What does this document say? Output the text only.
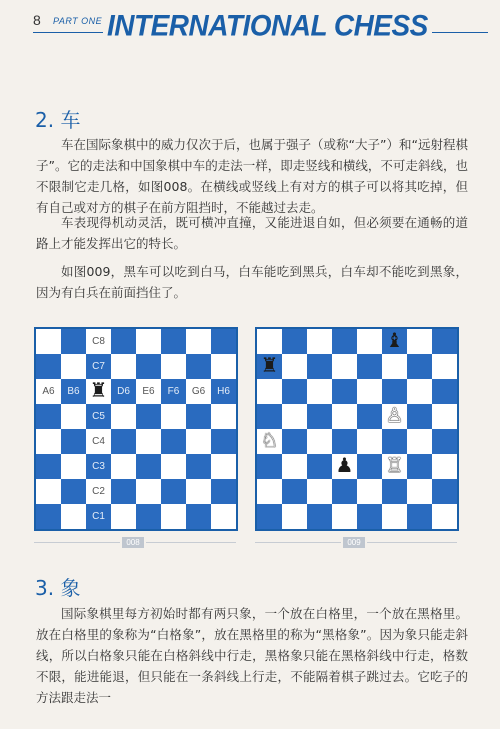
8 PART ONE INTERNATIONAL CHESS
2. 车

车在国际象棋中的威力仅次于后，也属于强子（或称“大子”）和“远射程棋子”。它的走法和中国象棋中车的走法一样，即走竖线和横线，不可走斜线，也不限制它走几格，如图008。在横线或竖线上有对方的棋子可以将其吃掉，但有自己或对方的棋子在前方阻挡时，不能越过去走。

车表现得机动灵活，既可横冲直撞，又能进退自如，但必须要在通畅的道路上才能发挥出它的特长。

如图009，黑车可以吃到白马，白车能吃到黑兵，白车却不能吃到黑象，因为有白兵在前面挡住了。

C8
C7
A6 B6 ♜ D6 E6 F6 G6 H6
C5
C4
C3
C2
C1
♝
♜
♙
♘
♟ ♖
008	009
3. 象

国际象棋里每方初始时都有两只象，一个放在白格里，一个放在黑格里。放在白格里的象称为“白格象”，放在黑格里的称为“黑格象”。因为象只能走斜线，所以白格象只能在白格斜线中行走，黑格象只能在黑格斜线中行走，格数不限，能进能退，但只能在一条斜线上行走，不能隔着棋子跳过去。它吃子的方法跟走法一
